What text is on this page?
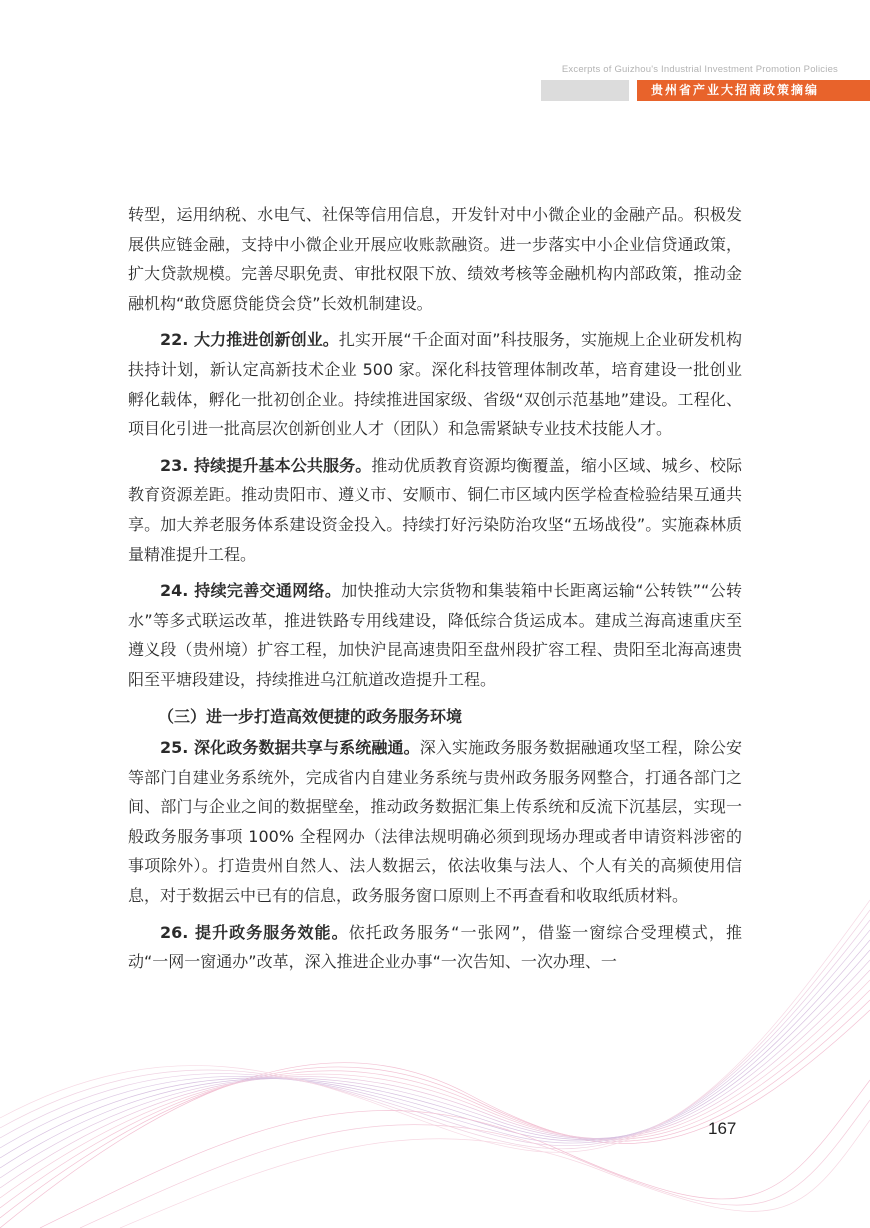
Excerpts of Guizhou's Industrial Investment Promotion Policies
贵州省产业大招商政策摘编

转型，运用纳税、水电气、社保等信用信息，开发针对中小微企业的金融产品。积极发展供应链金融，支持中小微企业开展应收账款融资。进一步落实中小企业信贷通政策，扩大贷款规模。完善尽职免责、审批权限下放、绩效考核等金融机构内部政策，推动金融机构“敢贷愿贷能贷会贷”长效机制建设。

22. 大力推进创新创业。扎实开展“千企面对面”科技服务，实施规上企业研发机构扶持计划，新认定高新技术企业 500 家。深化科技管理体制改革，培育建设一批创业孵化载体，孵化一批初创企业。持续推进国家级、省级“双创示范基地”建设。工程化、项目化引进一批高层次创新创业人才（团队）和急需紧缺专业技术技能人才。

23. 持续提升基本公共服务。推动优质教育资源均衡覆盖，缩小区域、城乡、校际教育资源差距。推动贵阳市、遵义市、安顺市、铜仁市区域内医学检查检验结果互通共享。加大养老服务体系建设资金投入。持续打好污染防治攻坚“五场战役”。实施森林质量精准提升工程。

24. 持续完善交通网络。加快推动大宗货物和集装箱中长距离运输“公转铁”“公转水”等多式联运改革，推进铁路专用线建设，降低综合货运成本。建成兰海高速重庆至遵义段（贵州境）扩容工程，加快沪昆高速贵阳至盘州段扩容工程、贵阳至北海高速贵阳至平塘段建设，持续推进乌江航道改造提升工程。

（三）进一步打造高效便捷的政务服务环境

25. 深化政务数据共享与系统融通。深入实施政务服务数据融通攻坚工程，除公安等部门自建业务系统外，完成省内自建业务系统与贵州政务服务网整合，打通各部门之间、部门与企业之间的数据壁垒，推动政务数据汇集上传系统和反流下沉基层，实现一般政务服务事项 100% 全程网办（法律法规明确必须到现场办理或者申请资料涉密的事项除外）。打造贵州自然人、法人数据云，依法收集与法人、个人有关的高频使用信息，对于数据云中已有的信息，政务服务窗口原则上不再查看和收取纸质材料。

26. 提升政务服务效能。依托政务服务“一张网”，借鉴一窗综合受理模式，推动“一网一窗通办”改革，深入推进企业办事“一次告知、一次办理、一

167
